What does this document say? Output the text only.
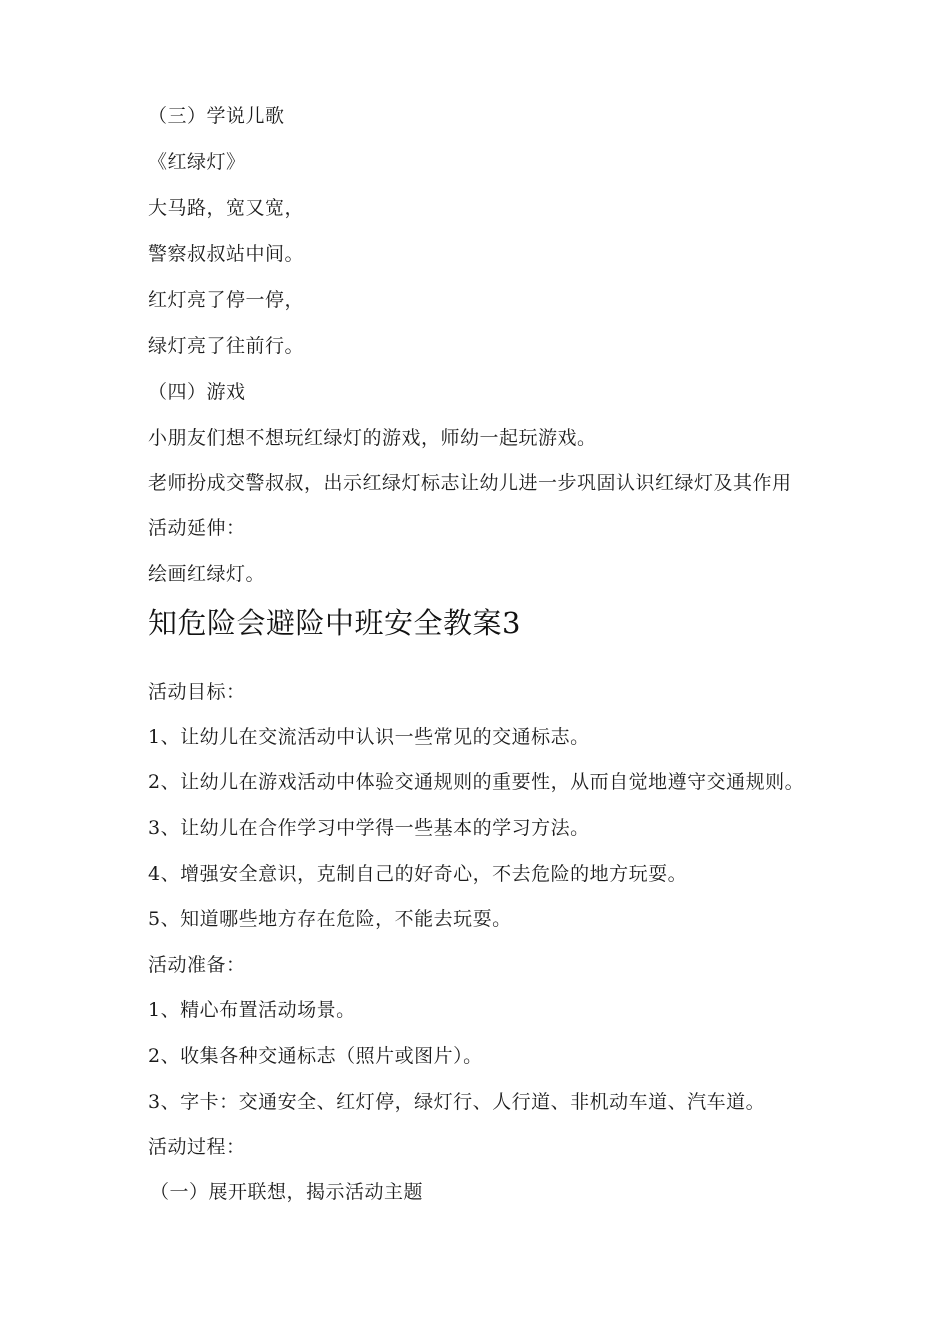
（三）学说儿歌
《红绿灯》
大马路，宽又宽，
警察叔叔站中间。
红灯亮了停一停，
绿灯亮了往前行。
（四）游戏
小朋友们想不想玩红绿灯的游戏，师幼一起玩游戏。
老师扮成交警叔叔，出示红绿灯标志让幼儿进一步巩固认识红绿灯及其作用
活动延伸：
绘画红绿灯。
知危险会避险中班安全教案3
活动目标：
1、让幼儿在交流活动中认识一些常见的交通标志。
2、让幼儿在游戏活动中体验交通规则的重要性，从而自觉地遵守交通规则。
3、让幼儿在合作学习中学得一些基本的学习方法。
4、增强安全意识，克制自己的好奇心，不去危险的地方玩耍。
5、知道哪些地方存在危险，不能去玩耍。
活动准备：
1、精心布置活动场景。
2、收集各种交通标志（照片或图片）。
3、字卡：交通安全、红灯停，绿灯行、人行道、非机动车道、汽车道。
活动过程：
（一）展开联想，揭示活动主题
